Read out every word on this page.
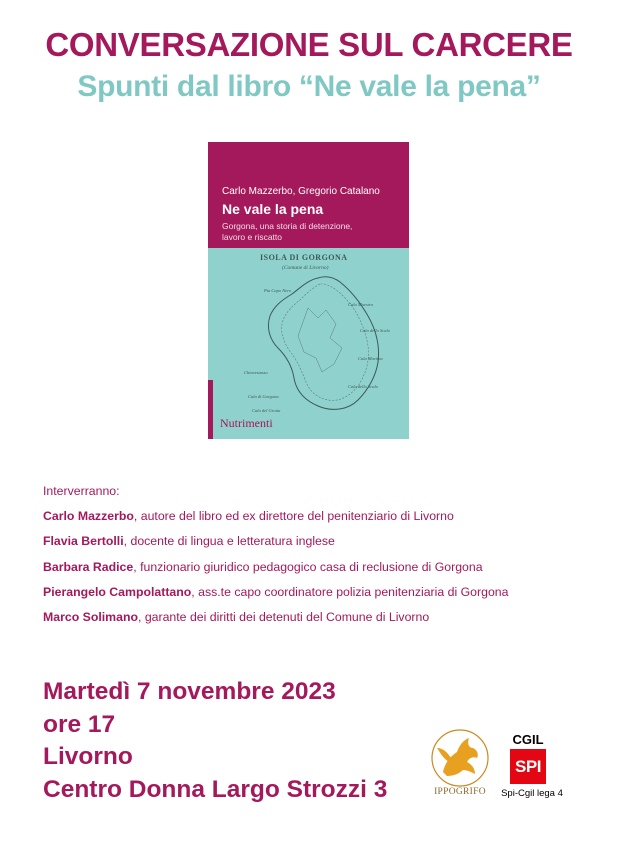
CONVERSAZIONE SUL CARCERE
Spunti dal libro “Ne vale la pena”
Carlo Mazzerbo, Gregorio Catalano
Ne vale la pena
Gorgona, una storia di detenzione,
lavoro e riscatto
ISOLA DI GORGONA
(Comune di Livorno)
Pta Capo Nero
Cala Maestra
Cala dello Scalo
Chiavestasso
Cala di Gorgona
Cala del Grotta
Cala dello Scalo
Cala Martina
Nutrimenti
Interverranno:
Carlo Mazzerbo, autore del libro ed ex direttore del penitenziario di Livorno
Flavia Bertolli, docente di lingua e letteratura inglese
Barbara Radice, funzionario giuridico pedagogico casa di reclusione di Gorgona
Pierangelo Campolattano, ass.te capo coordinatore polizia penitenziaria di Gorgona
Marco Solimano, garante dei diritti dei detenuti del Comune di Livorno
Martedì 7 novembre 2023
ore 17
Livorno
Centro Donna Largo Strozzi 3	IPPOGRIFO
CGIL
SPI
Spi-Cgil lega 4
